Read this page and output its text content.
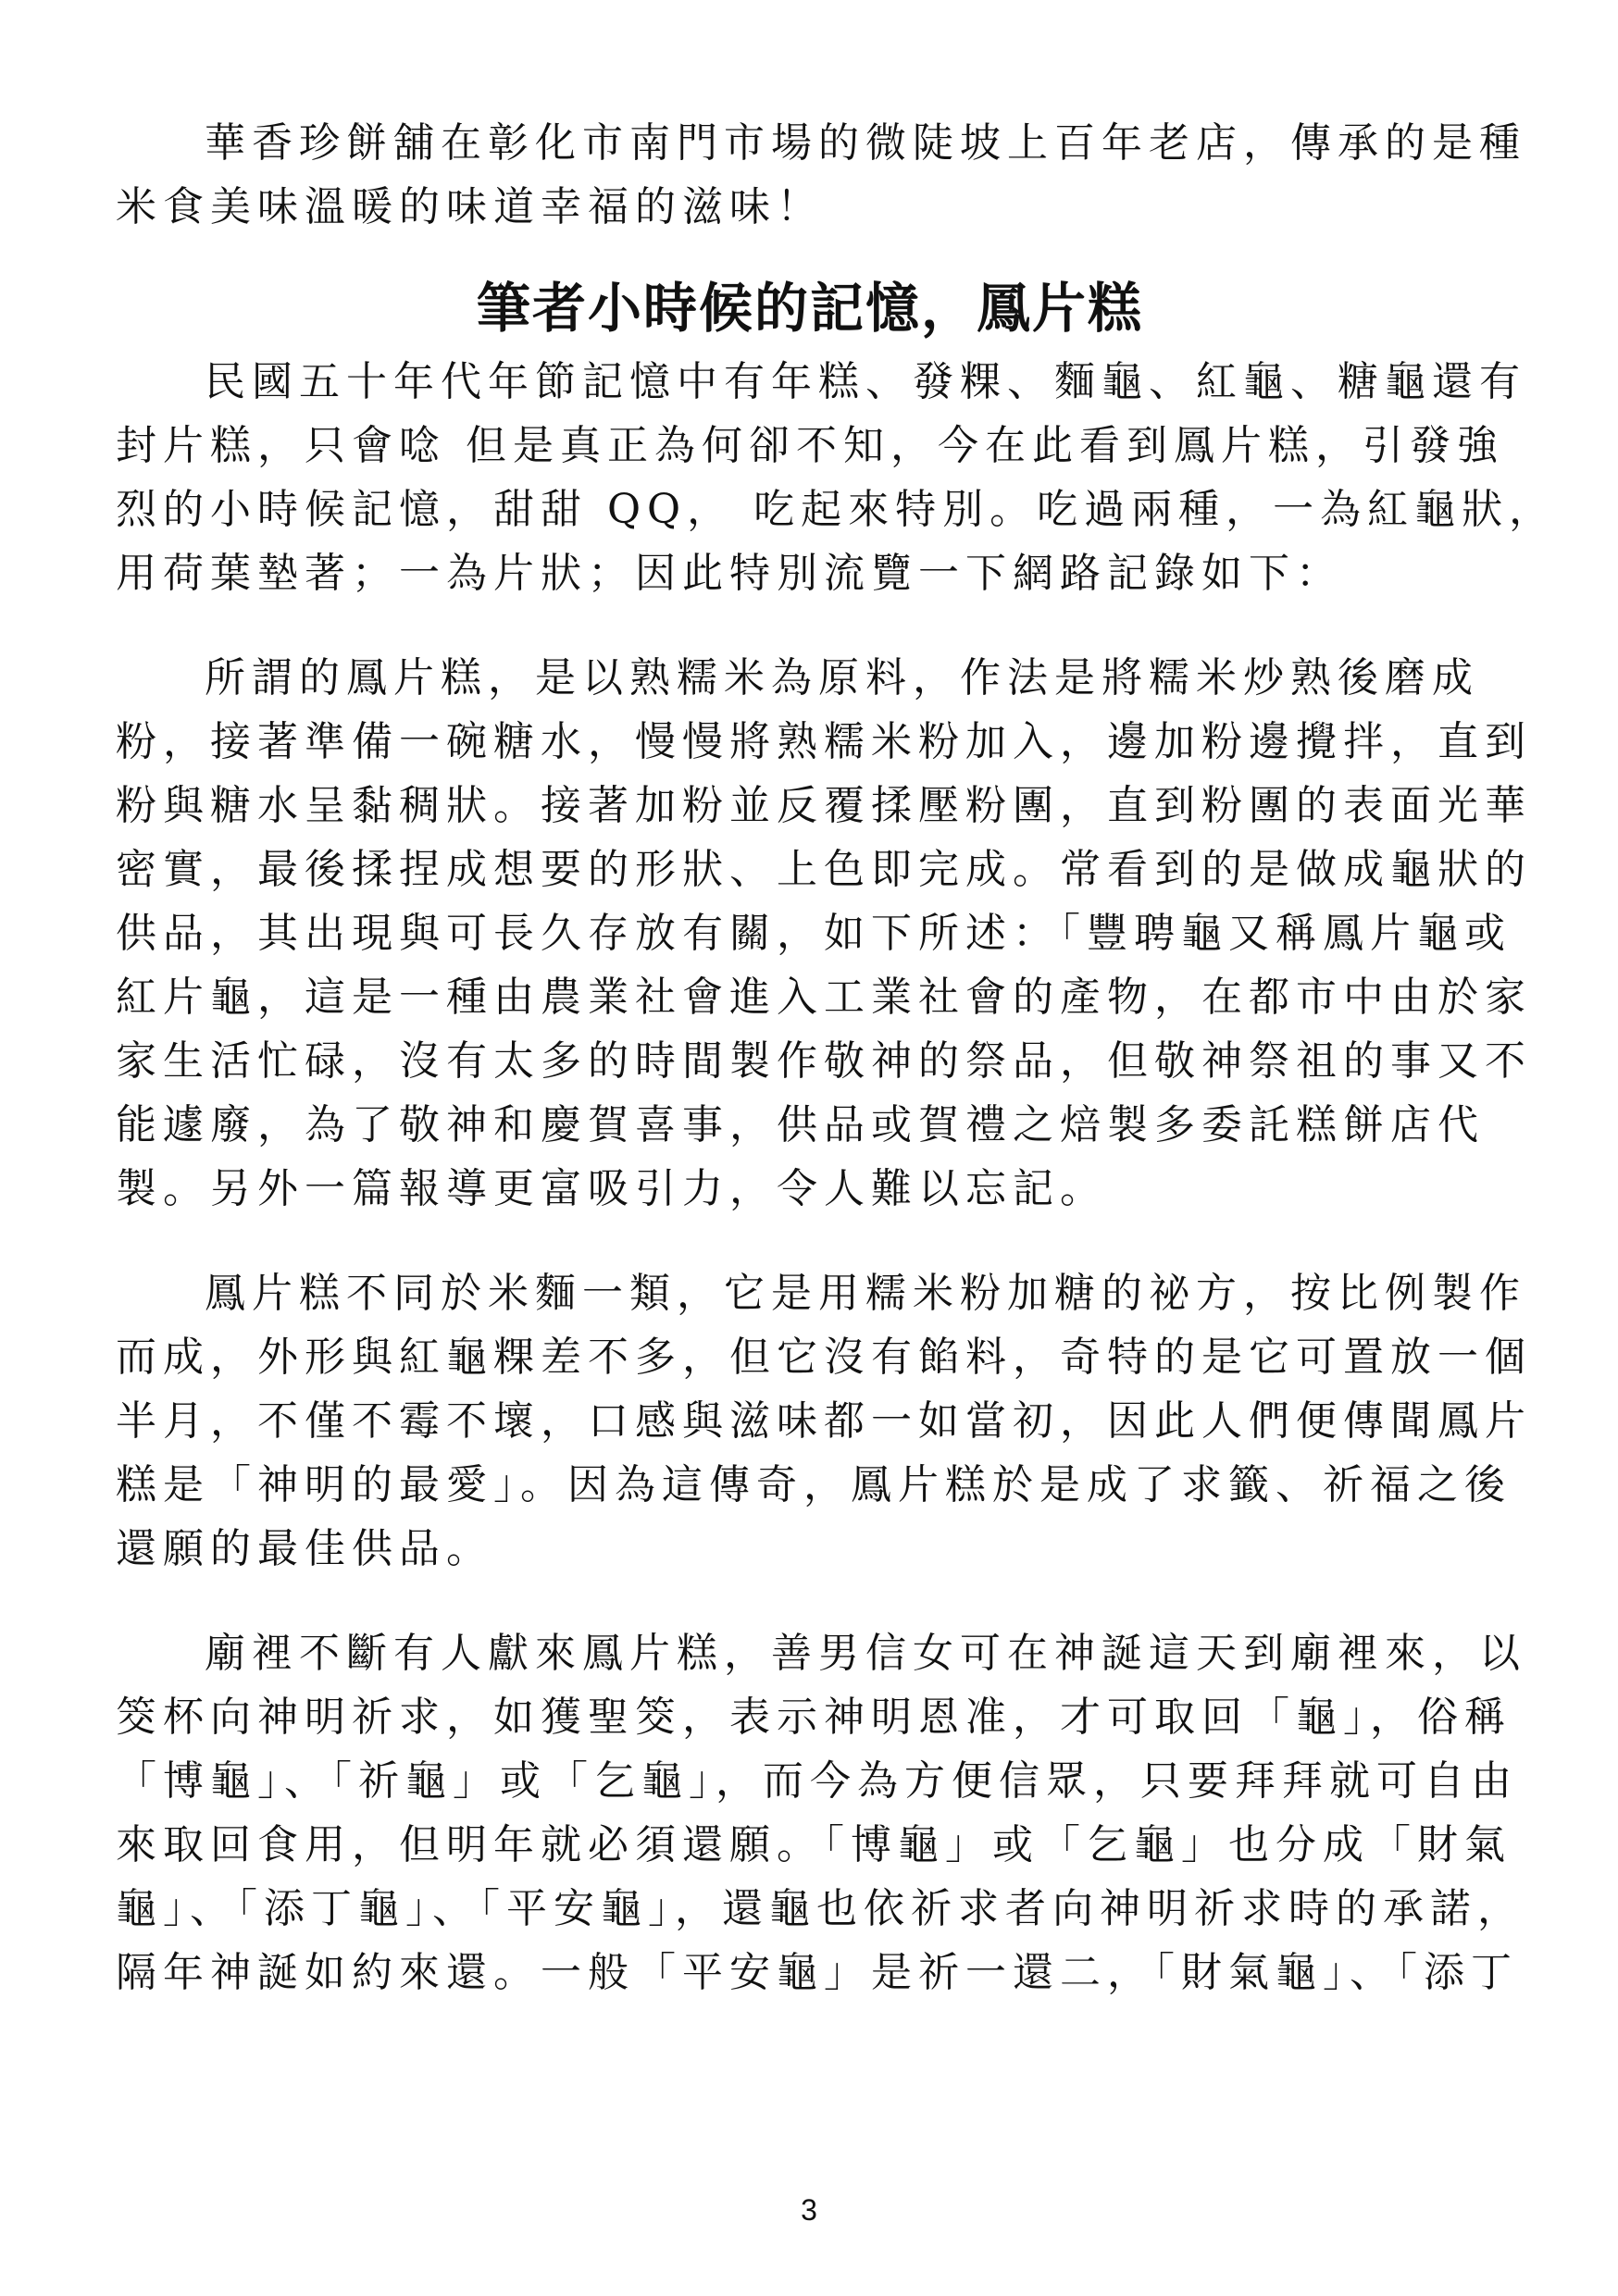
華香珍餅舖在彰化市南門市場的微陡坡上百年老店，傳承的是種
米食美味溫暖的味道幸福的滋味！
筆者小時候的記憶，鳳片糕
民國五十年代年節記憶中有年糕、發粿、麵龜、紅龜、糖龜還有
封片糕，只會唸 但是真正為何卻不知，今在此看到鳳片糕，引發強
烈的小時候記憶，甜甜 QQ， 吃起來特別。吃過兩種，一為紅龜狀，
用荷葉墊著；一為片狀；因此特別流覽一下網路記錄如下：
所謂的鳳片糕，是以熟糯米為原料，作法是將糯米炒熟後磨成
粉，接著準備一碗糖水，慢慢將熟糯米粉加入，邊加粉邊攪拌，直到
粉與糖水呈黏稠狀。接著加粉並反覆揉壓粉團，直到粉團的表面光華
密實，最後揉捏成想要的形狀、上色即完成。常看到的是做成龜狀的
供品，其出現與可長久存放有關，如下所述：「豐聘龜又稱鳳片龜或
紅片龜，這是一種由農業社會進入工業社會的產物，在都市中由於家
家生活忙碌，沒有太多的時間製作敬神的祭品，但敬神祭祖的事又不
能遽廢，為了敬神和慶賀喜事，供品或賀禮之焙製多委託糕餅店代
製。另外一篇報導更富吸引力，令人難以忘記。
鳳片糕不同於米麵一類，它是用糯米粉加糖的祕方，按比例製作
而成，外形與紅龜粿差不多，但它沒有餡料，奇特的是它可置放一個
半月，不僅不霉不壞，口感與滋味都一如當初，因此人們便傳聞鳳片
糕是「神明的最愛」。因為這傳奇，鳳片糕於是成了求籤、祈福之後
還願的最佳供品。
廟裡不斷有人獻來鳳片糕，善男信女可在神誕這天到廟裡來，以
筊杯向神明祈求，如獲聖筊，表示神明恩准，才可取回「龜」，俗稱
「博龜」、「祈龜」或「乞龜」，而今為方便信眾，只要拜拜就可自由
來取回食用，但明年就必須還願。「博龜」或「乞龜」也分成「財氣
龜」、「添丁龜」、「平安龜」，還龜也依祈求者向神明祈求時的承諾，
隔年神誕如約來還。一般「平安龜」是祈一還二，「財氣龜」、「添丁
3
